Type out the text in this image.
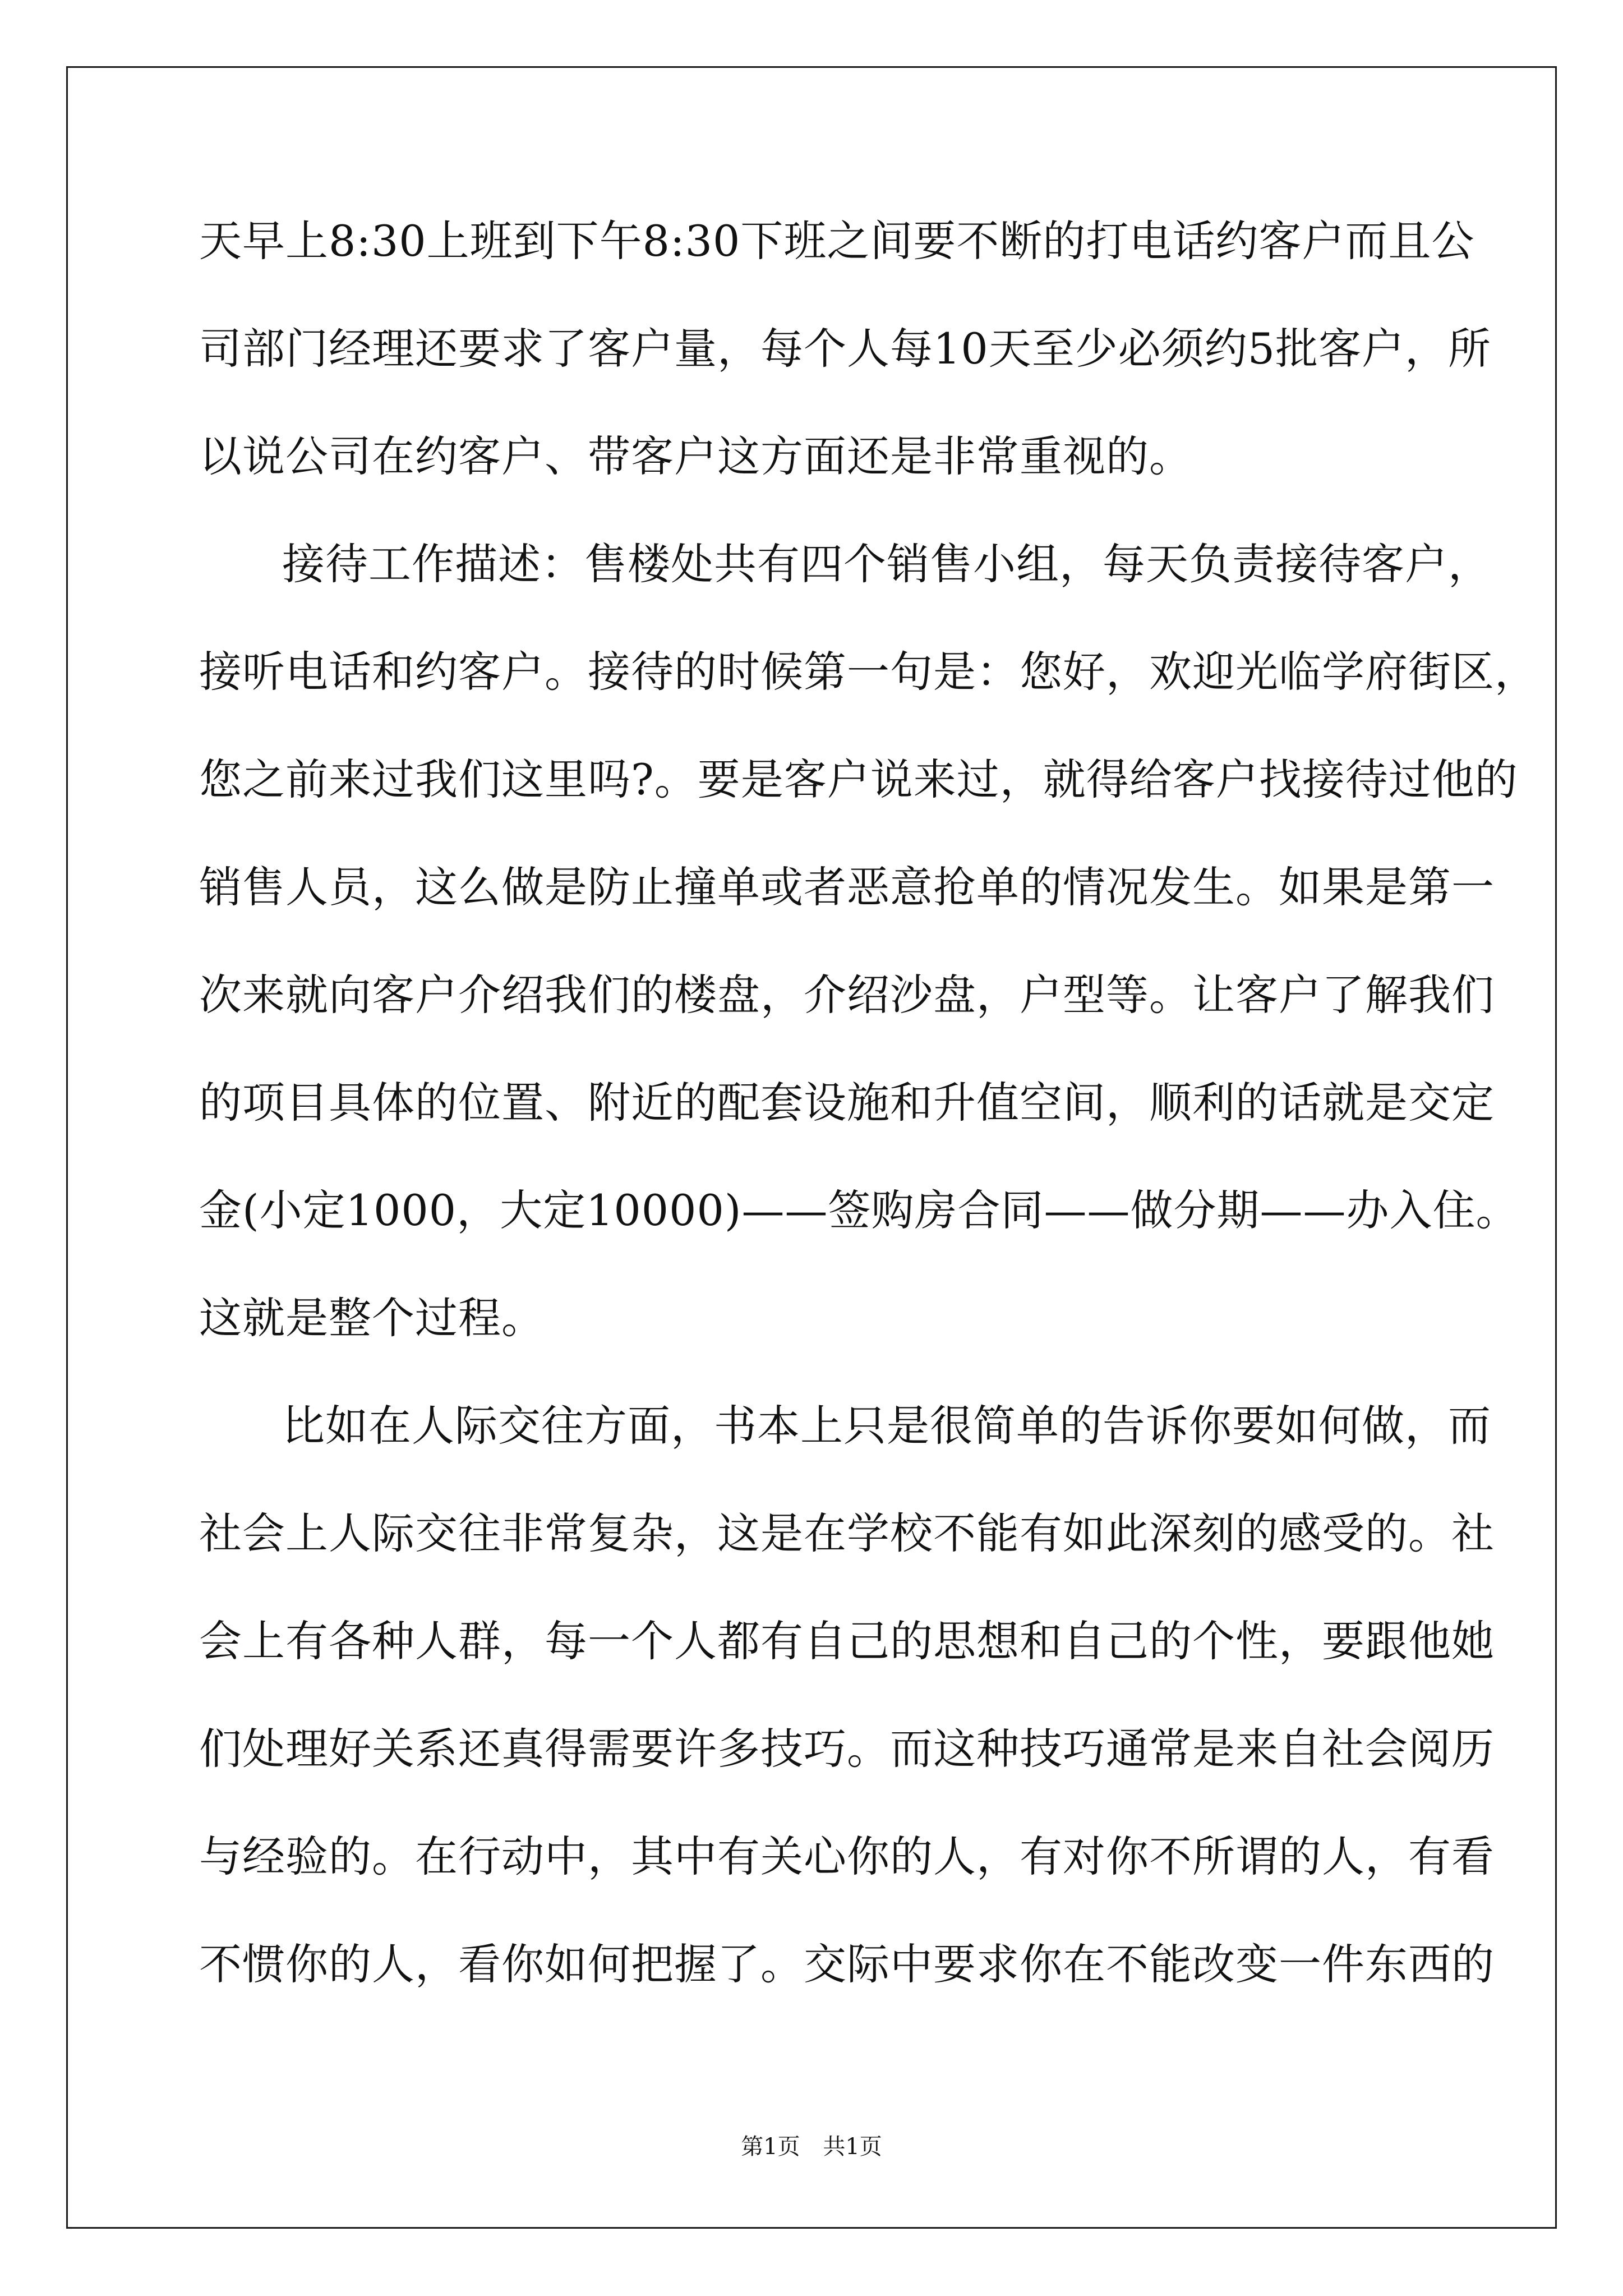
天早上8:30上班到下午8:30下班之间要不断的打电话约客户而且公
司部门经理还要求了客户量，每个人每10天至少必须约5批客户，所
以说公司在约客户、带客户这方面还是非常重视的。
接待工作描述：售楼处共有四个销售小组，每天负责接待客户，
接听电话和约客户。接待的时候第一句是：您好，欢迎光临学府街区，
您之前来过我们这里吗?。要是客户说来过，就得给客户找接待过他的
销售人员，这么做是防止撞单或者恶意抢单的情况发生。如果是第一
次来就向客户介绍我们的楼盘，介绍沙盘，户型等。让客户了解我们
的项目具体的位置、附近的配套设施和升值空间，顺利的话就是交定
金(小定1000，大定10000)——签购房合同——做分期——办入住。
这就是整个过程。
比如在人际交往方面，书本上只是很简单的告诉你要如何做，而
社会上人际交往非常复杂，这是在学校不能有如此深刻的感受的。社
会上有各种人群，每一个人都有自己的思想和自己的个性，要跟他她
们处理好关系还真得需要许多技巧。而这种技巧通常是来自社会阅历
与经验的。在行动中，其中有关心你的人，有对你不所谓的人，有看
不惯你的人，看你如何把握了。交际中要求你在不能改变一件东西的
第1页 共1页
